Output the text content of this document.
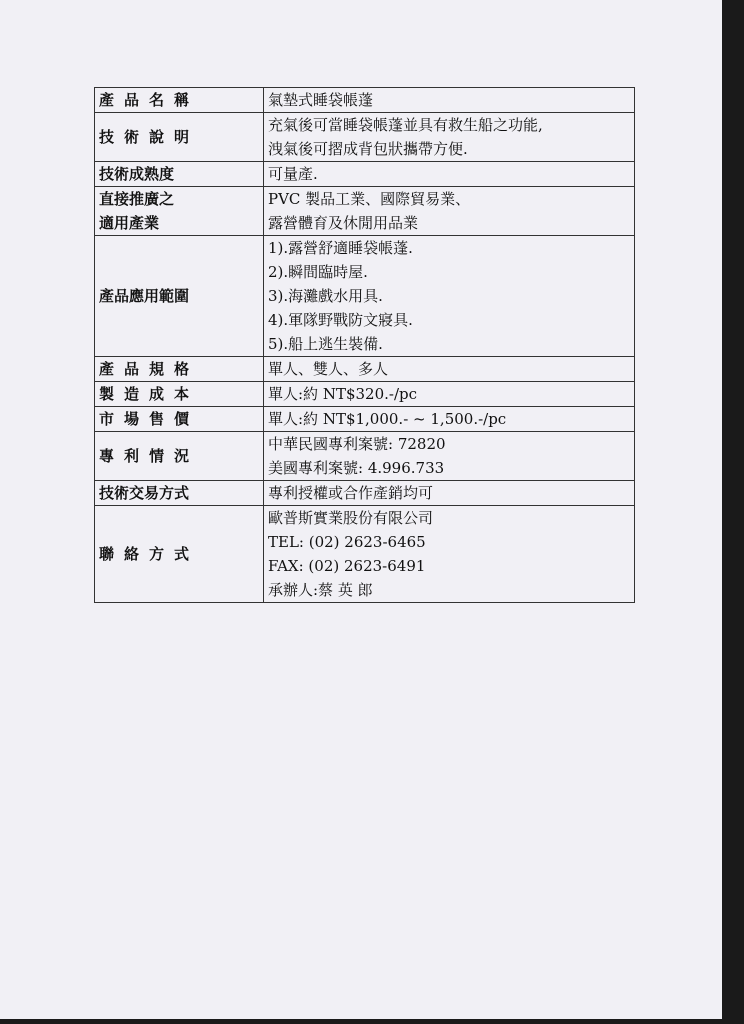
產品名稱	氣墊式睡袋帳蓬

技術說明	充氣後可當睡袋帳蓬並具有救生船之功能,
洩氣後可摺成背包狀攜帶方便.

技術成熟度	可量產.

直接推廣之
適用產業	PVC 製品工業、國際貿易業、
露營體育及休閒用品業

產品應用範圍	1).露營舒適睡袋帳蓬.
2).瞬間臨時屋.
3).海灘戲水用具.
4).軍隊野戰防文寢具.
5).船上逃生裝備.

產品規格	單人、雙人、多人

製造成本	單人:約 NT$320.-/pc

市場售價	單人:約 NT$1,000.- ~ 1,500.-/pc

專利情況	中華民國專利案號: 72820
美國專利案號: 4.996.733

技術交易方式	專利授權或合作產銷均可

聯絡方式	歐普斯實業股份有限公司
TEL: (02) 2623-6465
FAX: (02) 2623-6491
承辦人:蔡 英 郎
